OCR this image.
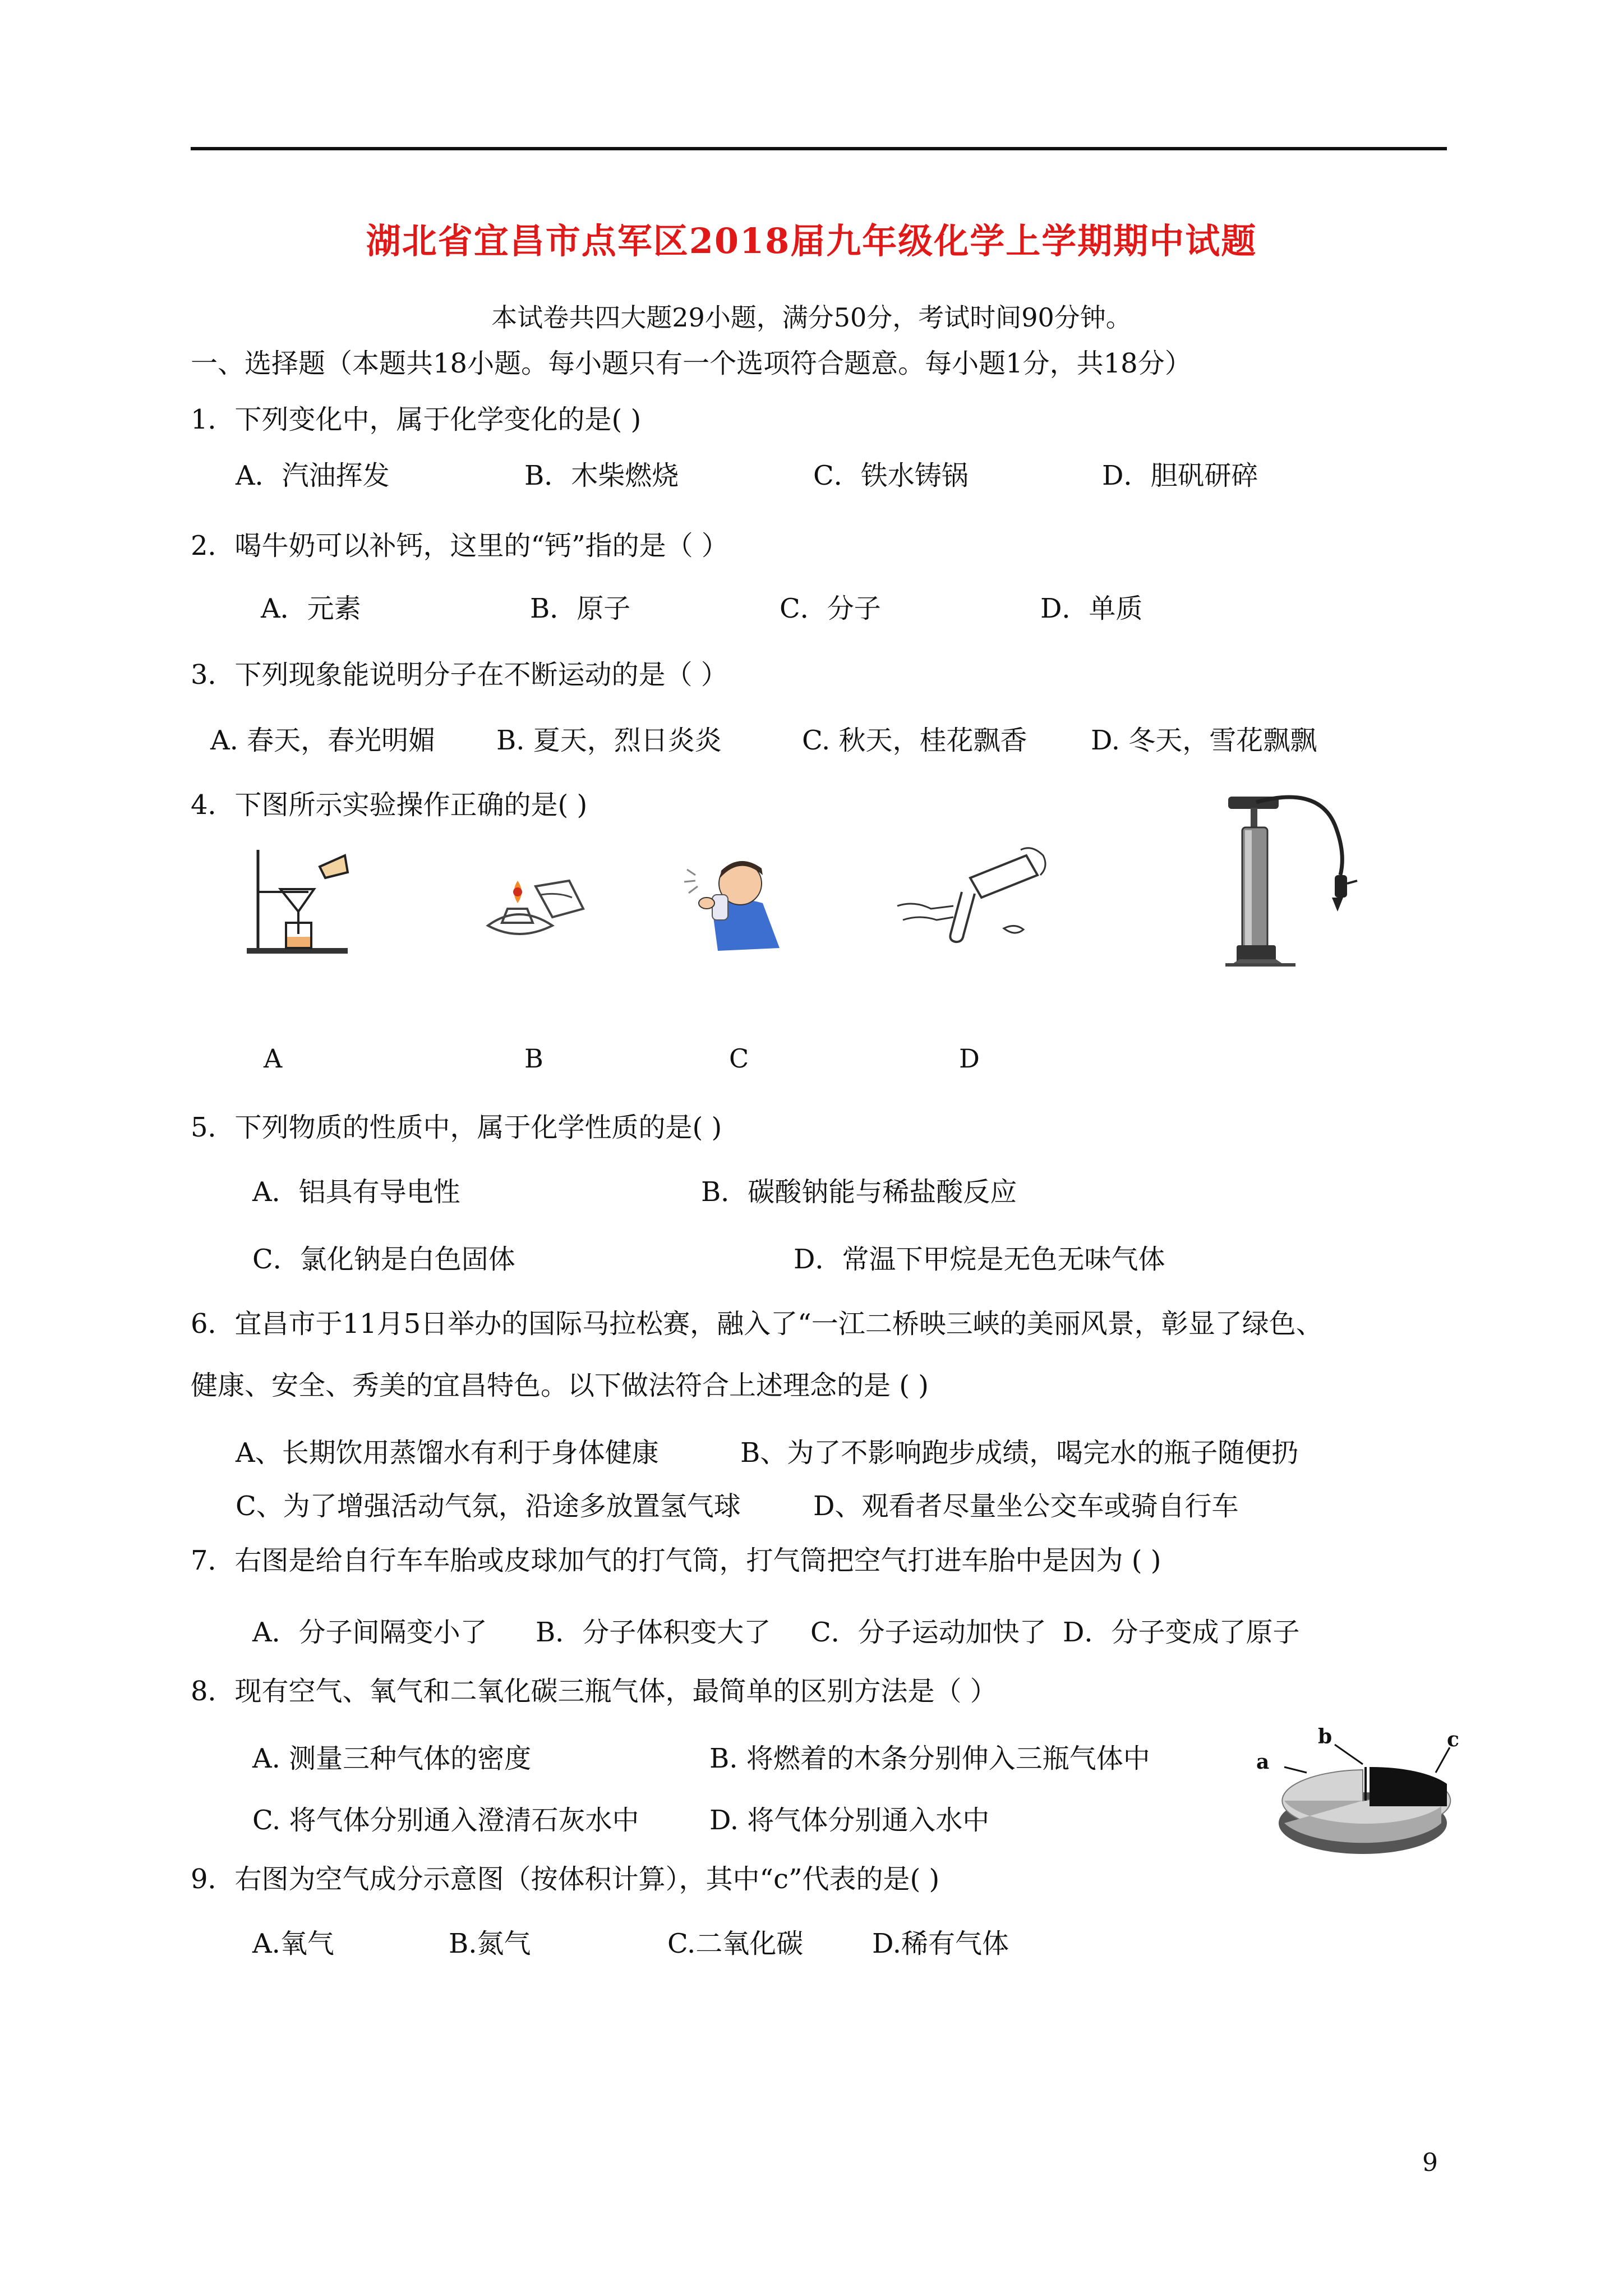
湖北省宜昌市点军区2018届九年级化学上学期期中试题
本试卷共四大题29小题，满分50分，考试时间90分钟。
一、选择题（本题共18小题。每小题只有一个选项符合题意。每小题1分，共18分）
1．下列变化中，属于化学变化的是( )
A．汽油挥发	B．木柴燃烧	C．铁水铸锅	D．胆矾研碎
2．喝牛奶可以补钙，这里的“钙”指的是（ ）
A．元素	B．原子	C．分子	D．单质
3．下列现象能说明分子在不断运动的是（ ）
A. 春天，春光明媚 B. 夏天，烈日炎炎	C. 秋天，桂花飘香 D. 冬天，雪花飘飘
4．下图所示实验操作正确的是( )
A	B	C	D
5．下列物质的性质中，属于化学性质的是( )
A．铝具有导电性	B．碳酸钠能与稀盐酸反应
C．氯化钠是白色固体	D．常温下甲烷是无色无味气体
6．宜昌市于11月5日举办的国际马拉松赛，融入了“一江二桥映三峡的美丽风景，彰显了绿色、
健康、安全、秀美的宜昌特色。以下做法符合上述理念的是 ( )
A、长期饮用蒸馏水有利于身体健康	B、为了不影响跑步成绩，喝完水的瓶子随便扔
C、为了增强活动气氛，沿途多放置氢气球	D、观看者尽量坐公交车或骑自行车
7．右图是给自行车车胎或皮球加气的打气筒，打气筒把空气打进车胎中是因为 ( )
A．分子间隔变小了 B．分子体积变大了 C．分子运动加快了 D．分子变成了原子
8．现有空气、氧气和二氧化碳三瓶气体，最简单的区别方法是（ ）
A. 测量三种气体的密度	B. 将燃着的木条分别伸入三瓶气体中
C. 将气体分别通入澄清石灰水中	D. 将气体分别通入水中
a
b	c
9．右图为空气成分示意图（按体积计算），其中“c”代表的是( )
A.氧气	B.氮气	C.二氧化碳	D.稀有气体
9
